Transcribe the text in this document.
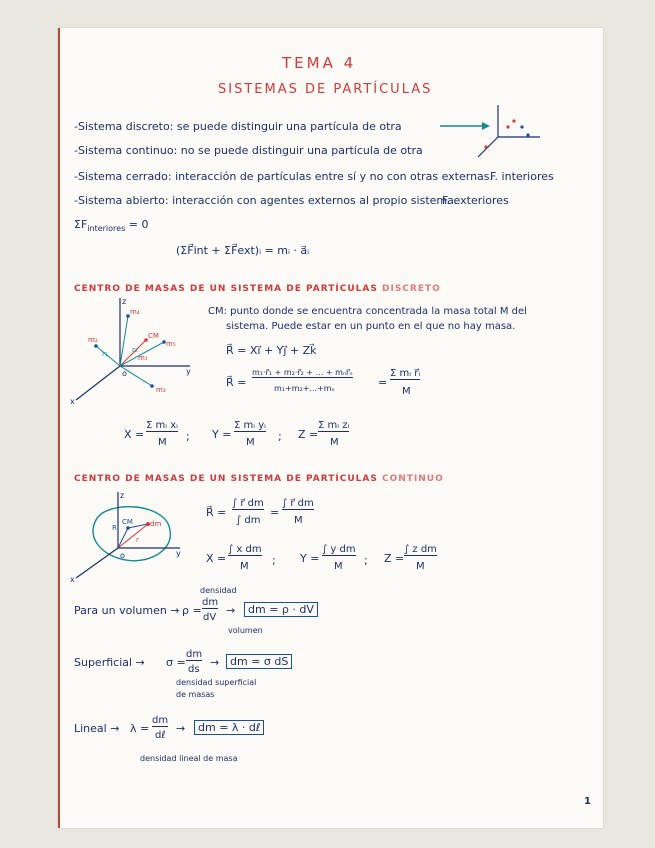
TEMA 4
SISTEMAS DE PARTÍCULAS
-Sistema discreto: se puede distinguir una partícula de otra
-Sistema continuo: no se puede distinguir una partícula de otra
-Sistema cerrado: interacción de partículas entre sí y no con otras externas.
F. interiores
-Sistema abierto: interacción con agentes externos al propio sistema.
F. exteriores
$\Sigma F_{interiores} = 0$
(ΣF⃗int + ΣF⃗ext)ᵢ = mᵢ · a⃗ᵢ
CENTRO DE MASAS DE UN SISTEMA DE PARTÍCULAS DISCRETO
z
y
x
o
m₄
m₂	CM
m₅
m₃
r₁	r₂
m₁
CM: punto donde se encuentra concentrada la masa total M del
sistema. Puede estar en un punto en el que no hay masa.
R⃗ = Xi⃗ + Yj⃗ + Zk⃗
R⃗ =
m₁·r⃗₁ + m₂·r⃗₂ + ... + mₙr⃗ₙ
m₁+m₂+...+mₙ	=
Σ mᵢ r⃗ᵢ
M
X =
Σ mᵢ xᵢ
M ; Y =
Σ mᵢ yᵢ
M ; Z =
Σ mᵢ zᵢ
M
CENTRO DE MASAS DE UN SISTEMA DE PARTÍCULAS CONTINUO
z
y
x
o
R	dm
r
CM
R⃗ =
∫ r⃗ dm
∫ dm
=
∫ r⃗ dm
M
X =
∫ x dm
M ; Y =
∫ y dm
M ; Z =
∫ z dm
M
densidad
Para un volumen → ρ =
dm
dV
→	dm = ρ · dV
volumen
Superficial → σ =
dm
ds
→ dm = σ dS
densidad superficial
de masas
Lineal → λ =
dm
dℓ
→	dm = λ · dℓ
densidad lineal de masa
1
